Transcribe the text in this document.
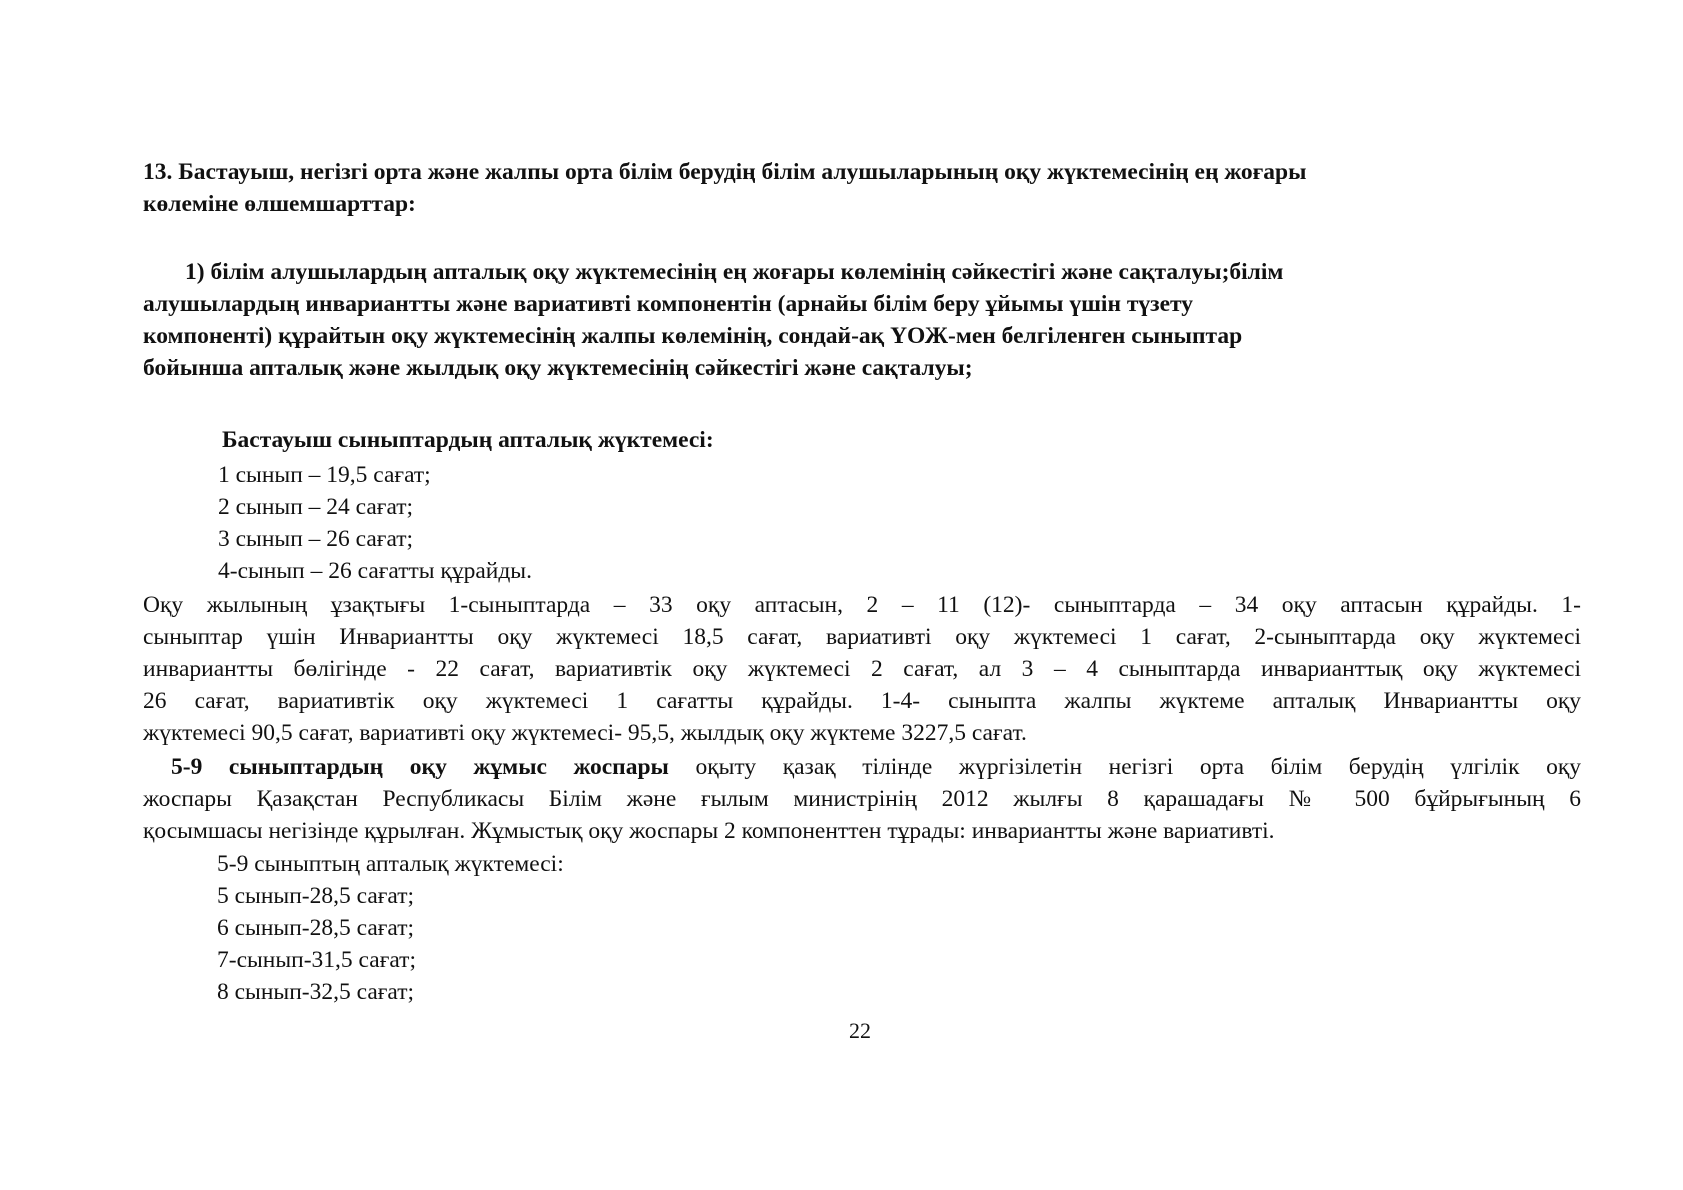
13. Бастауыш, негізгі орта және жалпы орта білім берудің білім алушыларының оқу жүктемесінің ең жоғары
көлеміне өлшемшарттар:
1) білім алушылардың апталық оқу жүктемесінің ең жоғары көлемінің сәйкестігі және сақталуы;білім
алушылардың инвариантты және вариативті компонентін (арнайы білім беру ұйымы үшін түзету
компоненті) құрайтын оқу жүктемесінің жалпы көлемінің, сондай-ақ ҮОЖ-мен белгіленген сыныптар
бойынша апталық және жылдық оқу жүктемесінің сәйкестігі және сақталуы;
Бастауыш сыныптардың апталық жүктемесі:
1 сынып – 19,5 сағат;
2 сынып – 24 сағат;
3 сынып – 26 сағат;
4-сынып – 26 сағатты құрайды.
Оқу жылының ұзақтығы 1-сыныптарда – 33 оқу аптасын, 2 – 11 (12)- сыныптарда – 34 оқу аптасын құрайды. 1-
сыныптар үшін Инвариантты оқу жүктемесі 18,5 сағат, вариативті оқу жүктемесі 1 сағат, 2-сыныптарда оқу жүктемесі
инвариантты бөлігінде - 22 сағат, вариативтік оқу жүктемесі 2 сағат, ал 3 – 4 сыныптарда инварианттық оқу жүктемесі
26 сағат, вариативтік оқу жүктемесі 1 сағатты құрайды. 1-4- сыныпта жалпы жүктеме апталық Инвариантты оқу
жүктемесі 90,5 сағат, вариативті оқу жүктемесі- 95,5, жылдық оқу жүктеме 3227,5 сағат.
5-9 сыныптардың оқу жұмыс жоспары оқыту қазақ тілінде жүргізілетін негізгі орта білім берудің үлгілік оқу
жоспары Қазақстан Республикасы Білім және ғылым министрінің 2012 жылғы 8 қарашадағы № 500 бұйрығының 6
қосымшасы негізінде құрылған. Жұмыстық оқу жоспары 2 компоненттен тұрады: инвариантты және вариативті.
5-9 сыныптың апталық жүктемесі:
5 сынып-28,5 сағат;
6 сынып-28,5 сағат;
7-сынып-31,5 сағат;
8 сынып-32,5 сағат;
22
